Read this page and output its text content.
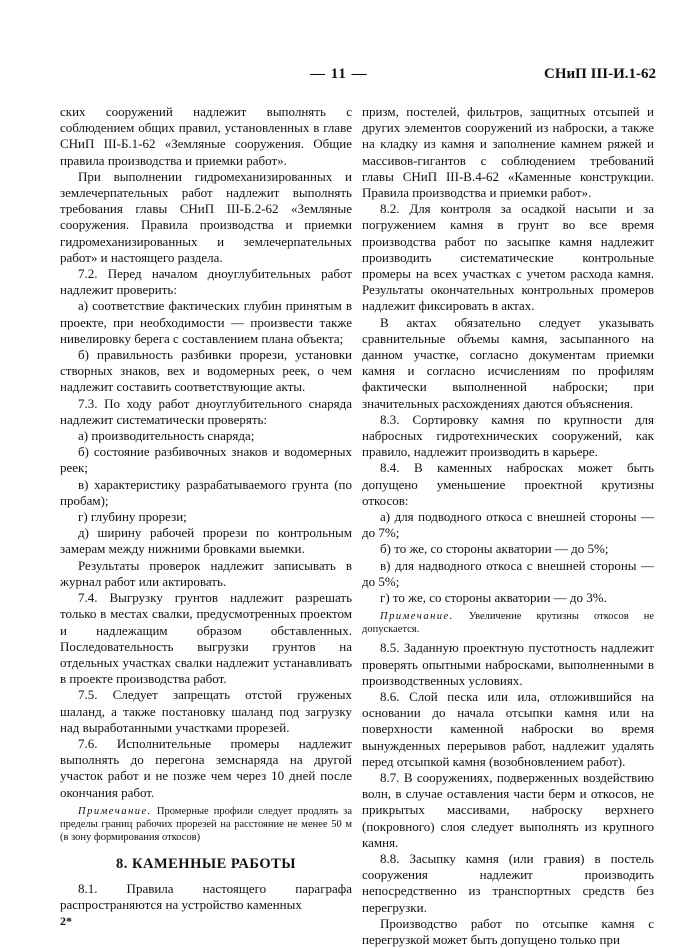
— 11 —	СНиП III-И.1-62

ских сооружений надлежит выполнять с соблюдением общих правил, установленных в главе СНиП III-Б.1-62 «Земляные сооружения. Общие правила производства и приемки работ».

При выполнении гидромеханизированных и землечерпательных работ надлежит выполнять требования главы СНиП III-Б.2-62 «Земляные сооружения. Правила производства и приемки гидромеханизированных и землечерпательных работ» и настоящего раздела.

7.2. Перед началом дноуглубительных работ надлежит проверить:

а) соответствие фактических глубин принятым в проекте, при необходимости — произвести также нивелировку берега с составлением плана объекта;

б) правильность разбивки прорези, установки створных знаков, вех и водомерных реек, о чем надлежит составить соответствующие акты.

7.3. По ходу работ дноуглубительного снаряда надлежит систематически проверять:

а) производительность снаряда;

б) состояние разбивочных знаков и водомерных реек;

в) характеристику разрабатываемого грунта (по пробам);

г) глубину прорези;

д) ширину рабочей прорези по контрольным замерам между нижними бровками выемки.

Результаты проверок надлежит записывать в журнал работ или актировать.

7.4. Выгрузку грунтов надлежит разрешать только в местах свалки, предусмотренных проектом и надлежащим образом обставленных. Последовательность выгрузки грунтов на отдельных участках свалки надлежит устанавливать в проекте производства работ.

7.5. Следует запрещать отстой груженых шаланд, а также постановку шаланд под загрузку над выработанными участками прорезей.

7.6. Исполнительные промеры надлежит выполнять до перегона земснаряда на другой участок работ и не позже чем через 10 дней после окончания работ.

Примечание. Промерные профили следует продлять за пределы границ рабочих прорезей на расстояние не менее 50 м (в зону формирования откосов)

8. КАМЕННЫЕ РАБОТЫ

8.1. Правила настоящего параграфа распространяются на устройство каменных

2*

призм, постелей, фильтров, защитных отсыпей и других элементов сооружений из наброски, а также на кладку из камня и заполнение камнем ряжей и массивов-гигантов с соблюдением требований главы СНиП III-В.4-62 «Каменные конструкции. Правила производства и приемки работ».

8.2. Для контроля за осадкой насыпи и за погружением камня в грунт во все время производства работ по засыпке камня надлежит производить систематические контрольные промеры на всех участках с учетом расхода камня. Результаты окончательных контрольных промеров надлежит фиксировать в актах.

В актах обязательно следует указывать сравнительные объемы камня, засыпанного на данном участке, согласно документам приемки камня и согласно исчислениям по профилям фактически выполненной наброски; при значительных расхождениях даются объяснения.

8.3. Сортировку камня по крупности для набросных гидротехнических сооружений, как правило, надлежит производить в карьере.

8.4. В каменных набросках может быть допущено уменьшение проектной крутизны откосов:

а) для подводного откоса с внешней стороны — до 7%;

б) то же, со стороны акватории — до 5%;

в) для надводного откоса с внешней стороны — до 5%;

г) то же, со стороны акватории — до 3%.

Примечание. Увеличение крутизны откосов не допускается.

8.5. Заданную проектную пустотность надлежит проверять опытными набросками, выполненными в производственных условиях.

8.6. Слой песка или ила, отложившийся на основании до начала отсыпки камня или на поверхности каменной наброски во время вынужденных перерывов работ, надлежит удалять перед отсыпкой камня (возобновлением работ).

8.7. В сооружениях, подверженных воздействию волн, в случае оставления части берм и откосов, не прикрытых массивами, наброску верхнего (покровного) слоя следует выполнять из крупного камня.

8.8. Засыпку камня (или гравия) в постель сооружения надлежит производить непосредственно из транспортных средств без перегрузки.

Производство работ по отсыпке камня с перегрузкой может быть допущено только при
